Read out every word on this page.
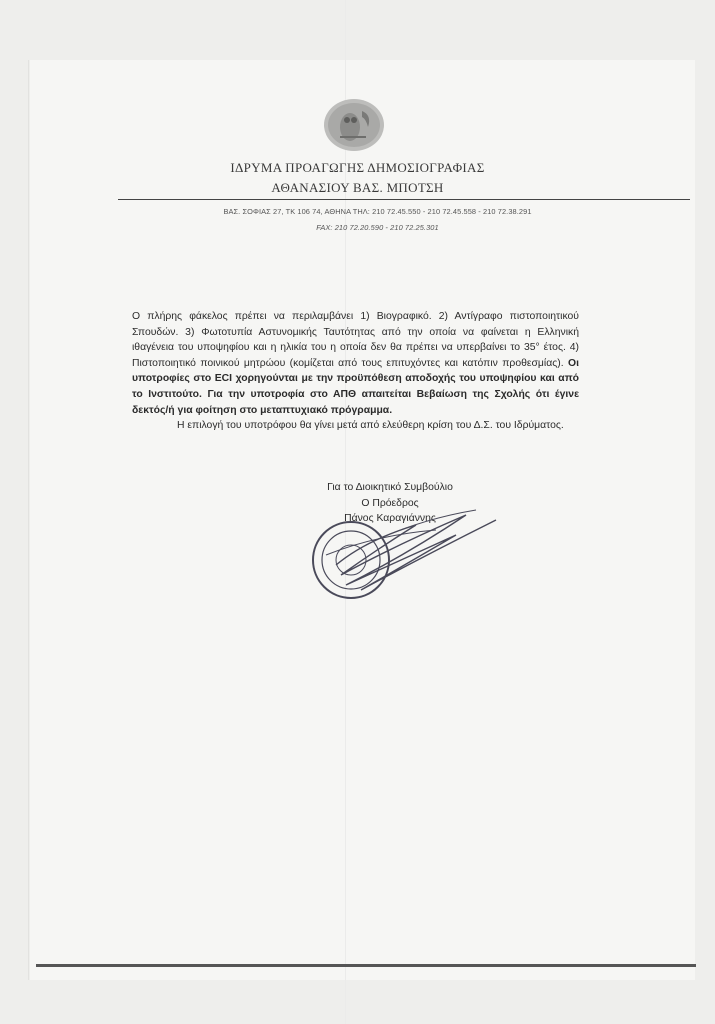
ΙΔΡΥΜΑ ΠΡΟΑΓΩΓΗΣ ΔΗΜΟΣΙΟΓΡΑΦΙΑΣ
ΑΘΑΝΑΣΙΟΥ ΒΑΣ. ΜΠΟΤΣΗ
ΒΑΣ. ΣΟΦΙΑΣ 27, ΤΚ 106 74, ΑΘΗΝΑ ΤΗΛ: 210 72.45.550 - 210 72.45.558 - 210 72.38.291
FAX: 210 72.20.590 - 210 72.25.301

Ο πλήρης φάκελος πρέπει να περιλαμβάνει 1) Βιογραφικό. 2) Αντίγραφο πιστοποιητικού Σπουδών. 3) Φωτοτυπία Αστυνομικής Ταυτότητας από την οποία να φαίνεται η Ελληνική ιθαγένεια του υποψηφίου και η ηλικία του η οποία δεν θα πρέπει να υπερβαίνει το 35° έτος. 4) Πιστοποιητικό ποινικού μητρώου (κομίζεται από τους επιτυχόντες και κατόπιν προθεσμίας). Οι υποτροφίες στο ECI χορηγούνται με την προϋπόθεση αποδοχής του υποψηφίου και από το Ινστιτούτο. Για την υποτροφία στο ΑΠΘ απαιτείται Βεβαίωση της Σχολής ότι έγινε δεκτός/ή για φοίτηση στο μεταπτυχιακό πρόγραμμα.

Η επιλογή του υποτρόφου θα γίνει μετά από ελεύθερη κρίση του Δ.Σ. του Ιδρύματος.

Για το Διοικητικό Συμβούλιο
Ο Πρόεδρος
Πάνος Καραγιάννης
